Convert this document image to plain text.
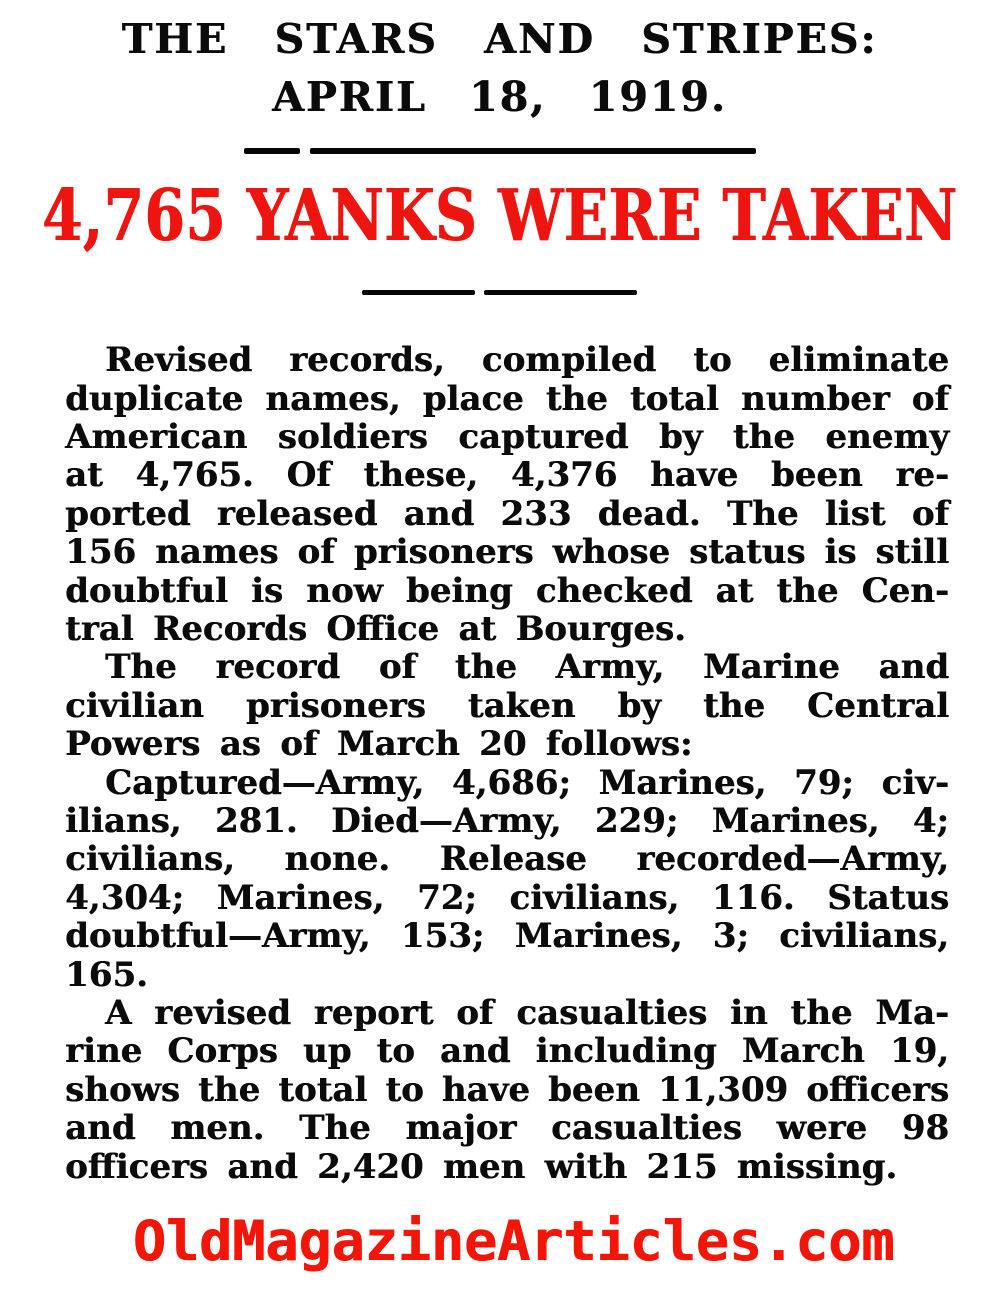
THE STARS AND STRIPES:
APRIL 18, 1919.
4,765 YANKS WERE TAKEN
Revised records, compiled to eliminate
duplicate names, place the total number of
American soldiers captured by the enemy
at 4,765. Of these, 4,376 have been re-
ported released and 233 dead. The list of
156 names of prisoners whose status is still
doubtful is now being checked at the Cen-
tral Records Office at Bourges.
The record of the Army, Marine and
civilian prisoners taken by the Central
Powers as of March 20 follows:
Captured—Army, 4,686; Marines, 79; civ-
ilians, 281. Died—Army, 229; Marines, 4;
civilians, none. Release recorded—Army,
4,304; Marines, 72; civilians, 116. Status
doubtful—Army, 153; Marines, 3; civilians,
165.
A revised report of casualties in the Ma-
rine Corps up to and including March 19,
shows the total to have been 11,309 officers
and men. The major casualties were 98
officers and 2,420 men with 215 missing.
OldMagazineArticles.com
